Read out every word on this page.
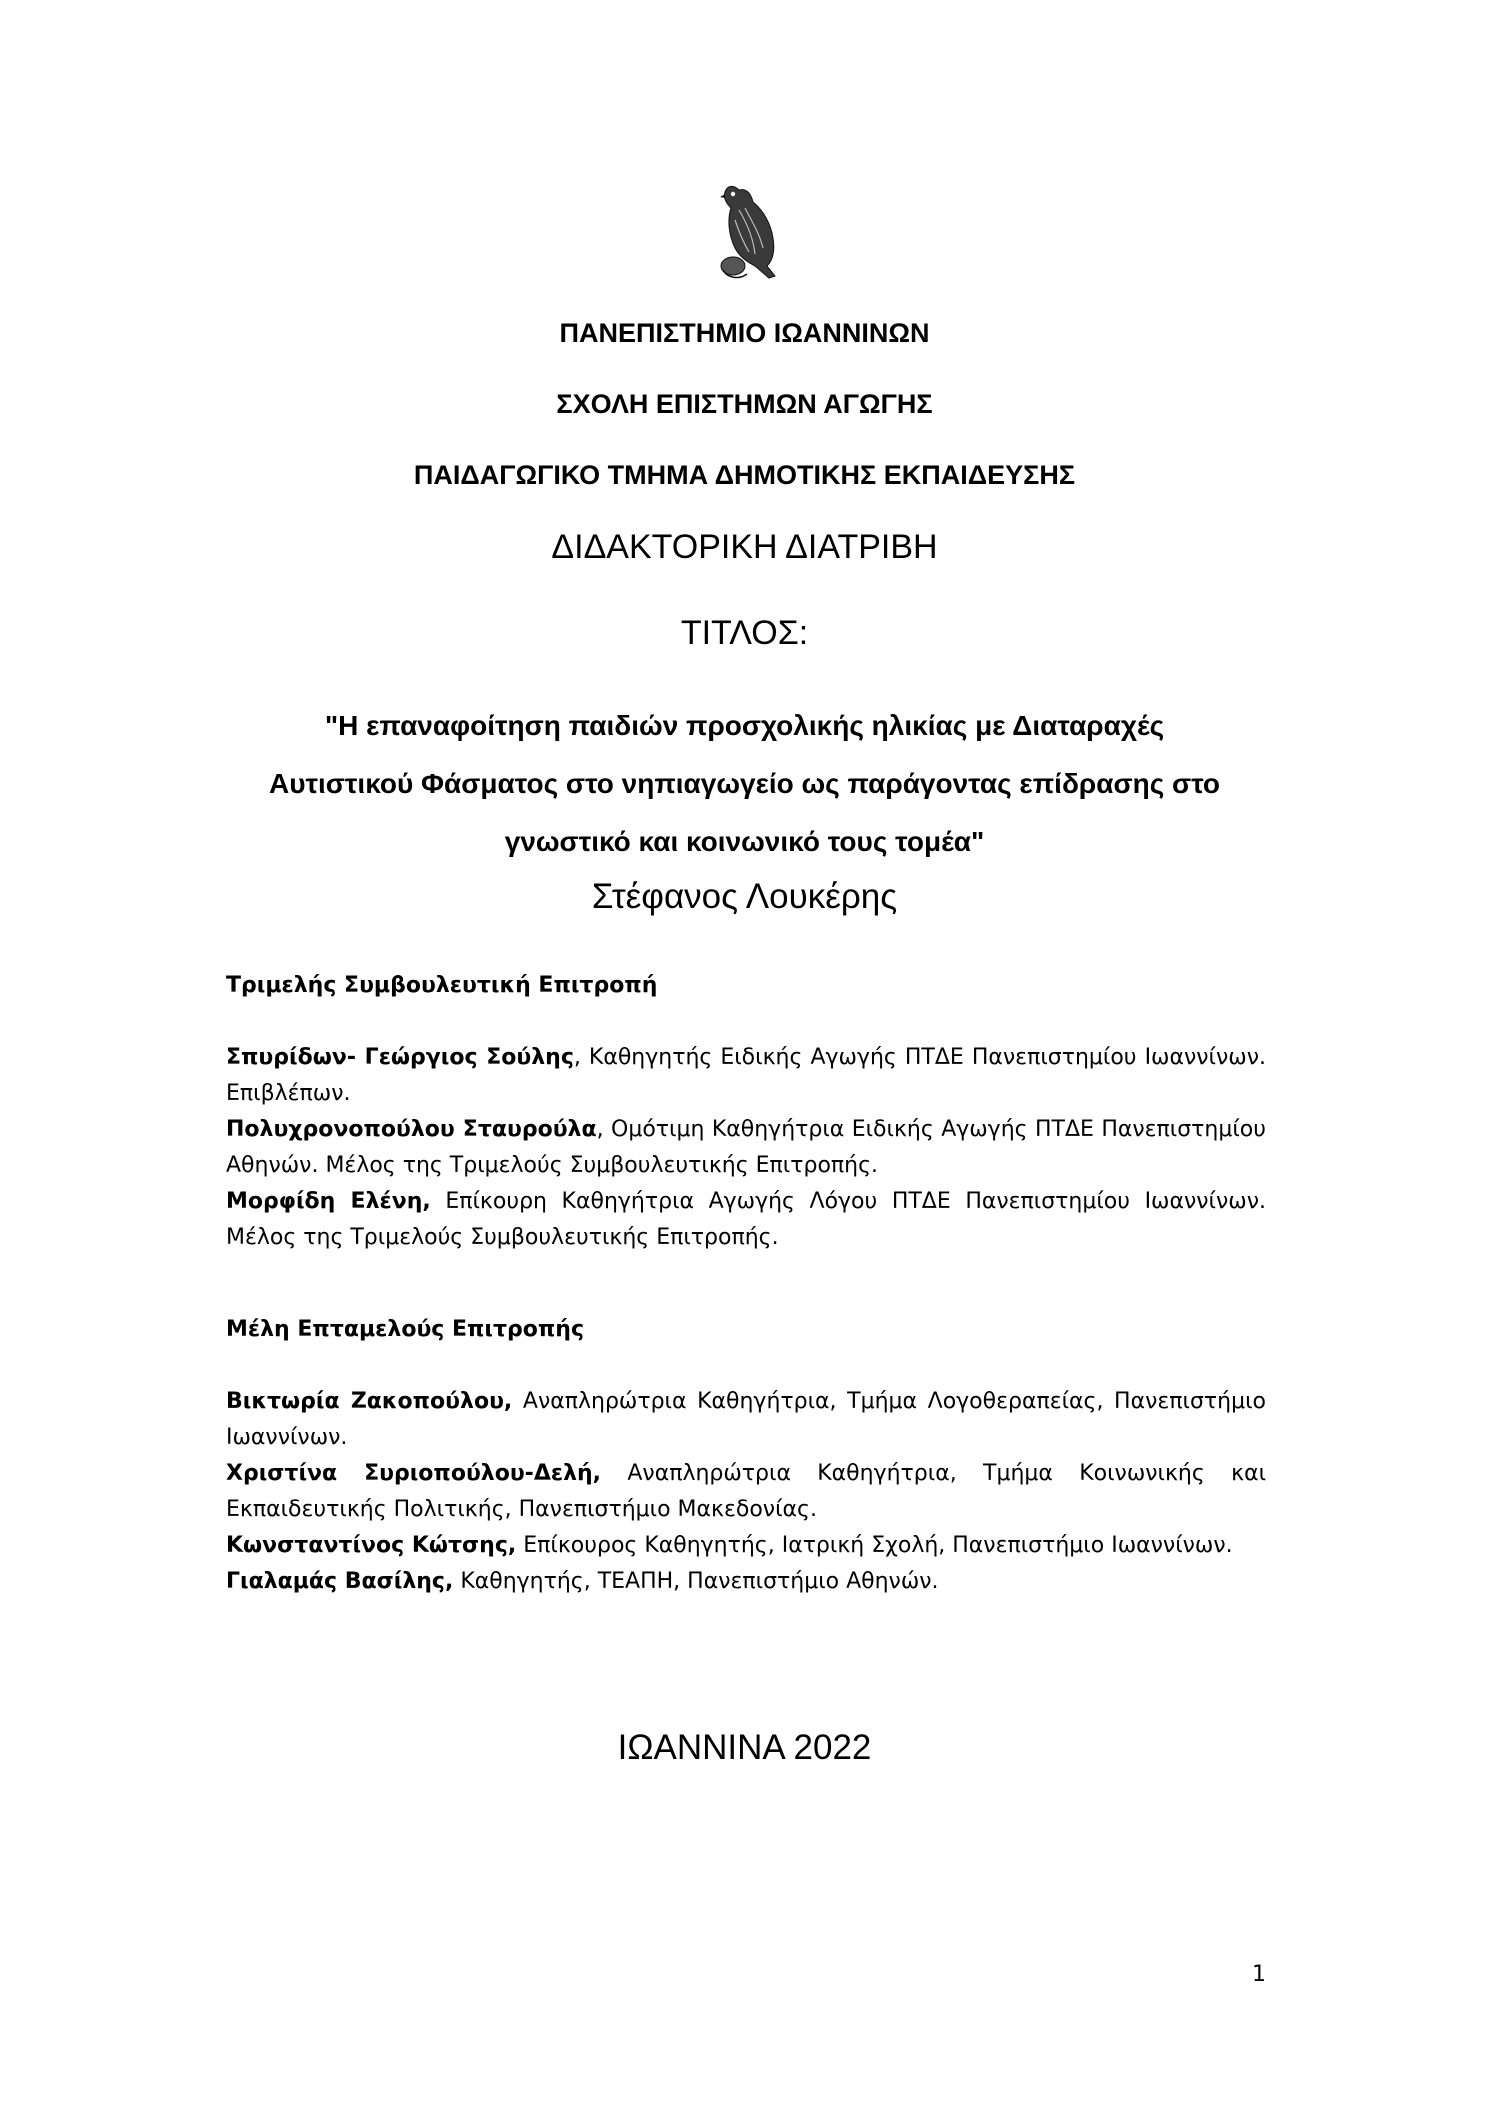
ΠΑΝΕΠΙΣΤΗΜΙΟ ΙΩΑΝΝΙΝΩΝ
ΣΧΟΛΗ ΕΠΙΣΤΗΜΩΝ ΑΓΩΓΗΣ
ΠΑΙΔΑΓΩΓΙΚΟ ΤΜΗΜΑ ΔΗΜΟΤΙΚΗΣ ΕΚΠΑΙΔΕΥΣΗΣ
ΔΙΔΑΚΤΟΡΙΚΗ ΔΙΑΤΡΙΒΗ
ΤΙΤΛΟΣ:
"Η επαναφοίτηση παιδιών προσχολικής ηλικίας με Διαταραχές
Αυτιστικού Φάσματος στο νηπιαγωγείο ως παράγοντας επίδρασης στο
γνωστικό και κοινωνικό τους τομέα"
Στέφανος Λουκέρης
Τριμελής Συμβουλευτική Επιτροπή
Σπυρίδων- Γεώργιος Σούλης, Καθηγητής Ειδικής Αγωγής ΠΤΔΕ Πανεπιστημίου Ιωαννίνων. Επιβλέπων.
Πολυχρονοπούλου Σταυρούλα, Ομότιμη Καθηγήτρια Ειδικής Αγωγής ΠΤΔΕ Πανεπιστημίου Αθηνών. Μέλος της Τριμελούς Συμβουλευτικής Επιτροπής.
Μορφίδη Ελένη, Επίκουρη Καθηγήτρια Αγωγής Λόγου ΠΤΔΕ Πανεπιστημίου Ιωαννίνων. Μέλος της Τριμελούς Συμβουλευτικής Επιτροπής.
Μέλη Επταμελούς Επιτροπής
Βικτωρία Ζακοπούλου, Αναπληρώτρια Καθηγήτρια, Τμήμα Λογοθεραπείας, Πανεπιστήμιο Ιωαννίνων.
Χριστίνα Συριοπούλου-Δελή, Αναπληρώτρια Καθηγήτρια, Τμήμα Κοινωνικής και Εκπαιδευτικής Πολιτικής, Πανεπιστήμιο Μακεδονίας.
Κωνσταντίνος Κώτσης, Επίκουρος Καθηγητής, Ιατρική Σχολή, Πανεπιστήμιο Ιωαννίνων.
Γιαλαμάς Βασίλης, Καθηγητής, ΤΕΑΠΗ, Πανεπιστήμιο Αθηνών.
ΙΩΑΝΝΙΝΑ 2022
1
